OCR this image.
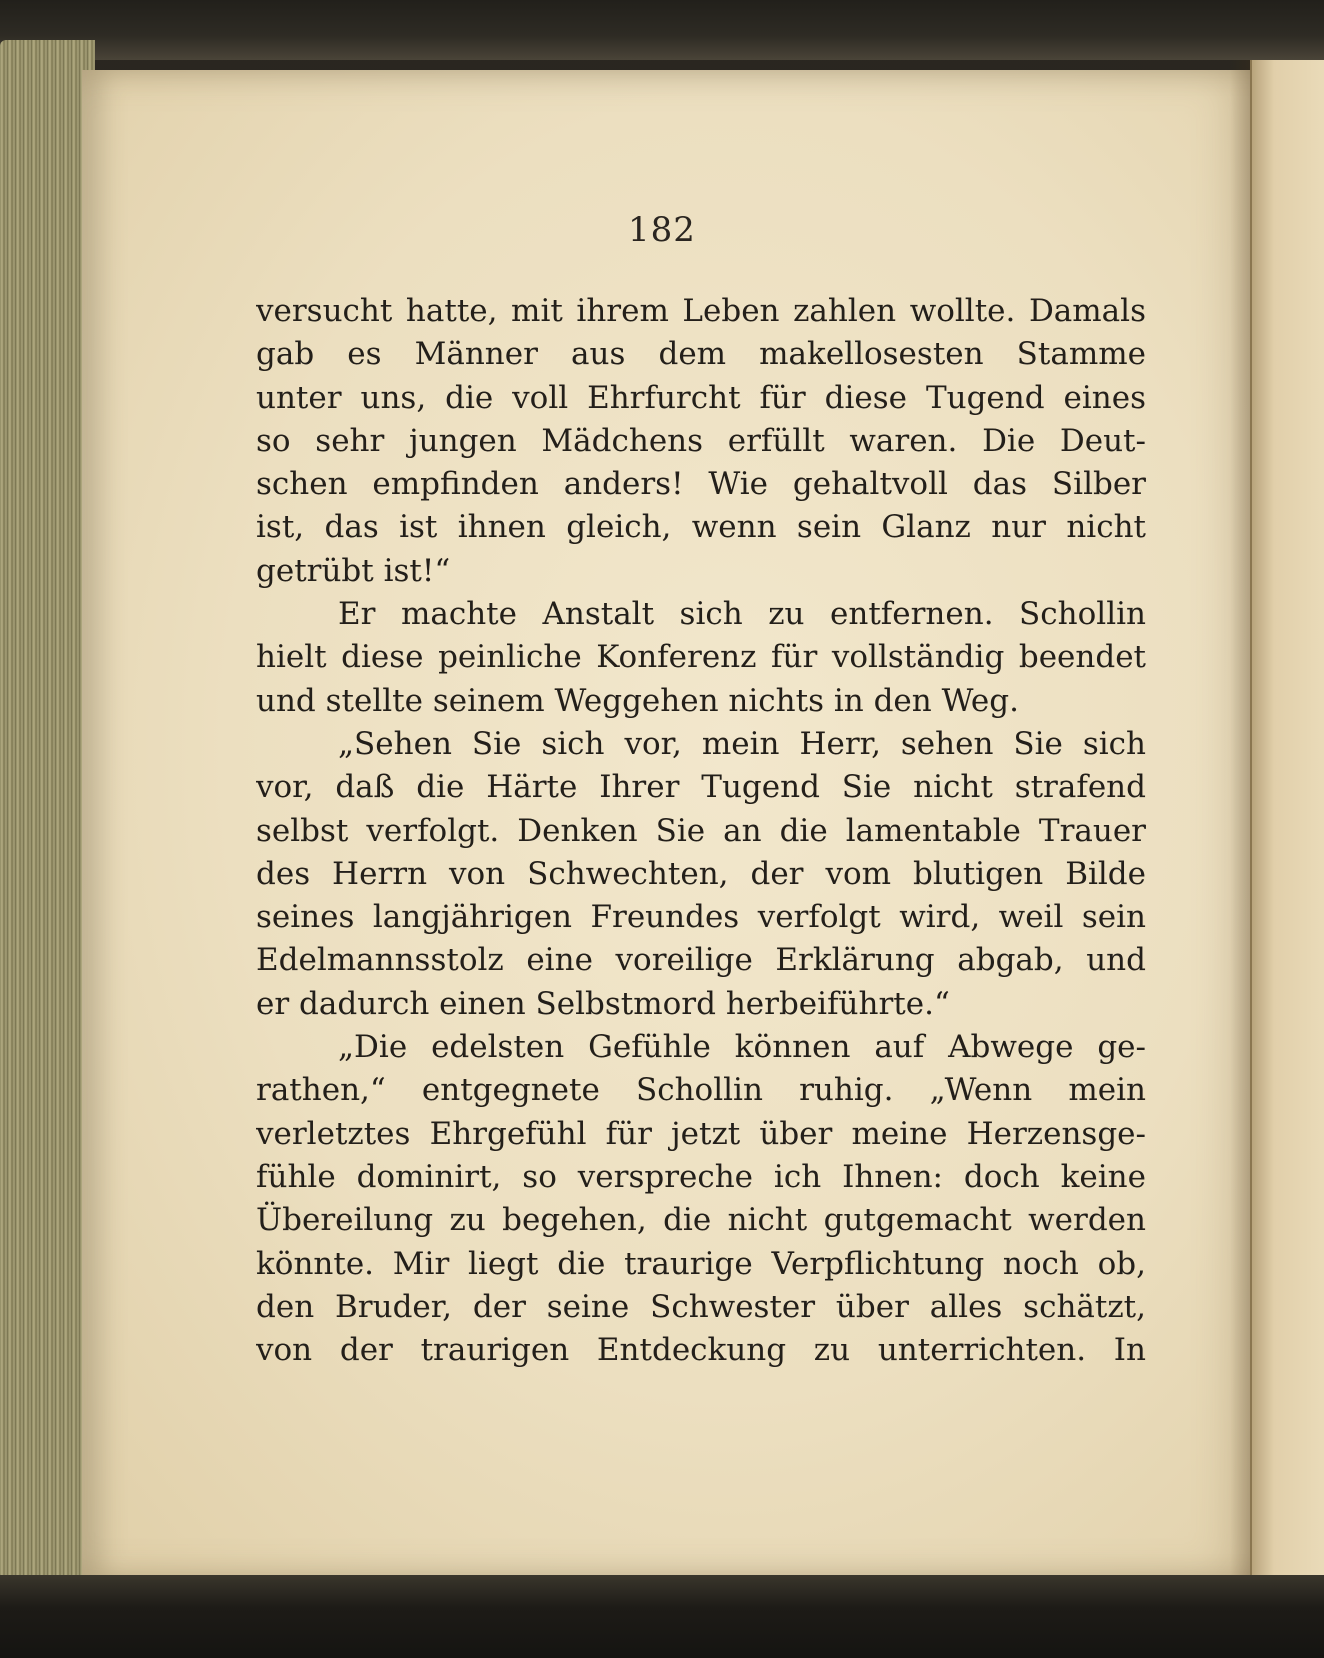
182
versucht hatte, mit ihrem Leben zahlen wollte. Damals
gab es Männer aus dem makellosesten Stamme
unter uns, die voll Ehrfurcht für diese Tugend eines
so sehr jungen Mädchens erfüllt waren. Die Deut-
schen empfinden anders! Wie gehaltvoll das Silber
ist, das ist ihnen gleich, wenn sein Glanz nur nicht
getrübt ist!“
Er machte Anstalt sich zu entfernen. Schollin
hielt diese peinliche Konferenz für vollständig beendet
und stellte seinem Weggehen nichts in den Weg.
„Sehen Sie sich vor, mein Herr, sehen Sie sich
vor, daß die Härte Ihrer Tugend Sie nicht strafend
selbst verfolgt. Denken Sie an die lamentable Trauer
des Herrn von Schwechten, der vom blutigen Bilde
seines langjährigen Freundes verfolgt wird, weil sein
Edelmannsstolz eine voreilige Erklärung abgab, und
er dadurch einen Selbstmord herbeiführte.“
„Die edelsten Gefühle können auf Abwege ge-
rathen,“ entgegnete Schollin ruhig. „Wenn mein
verletztes Ehrgefühl für jetzt über meine Herzensge-
fühle dominirt, so verspreche ich Ihnen: doch keine
Übereilung zu begehen, die nicht gutgemacht werden
könnte. Mir liegt die traurige Verpflichtung noch ob,
den Bruder, der seine Schwester über alles schätzt,
von der traurigen Entdeckung zu unterrichten. In
